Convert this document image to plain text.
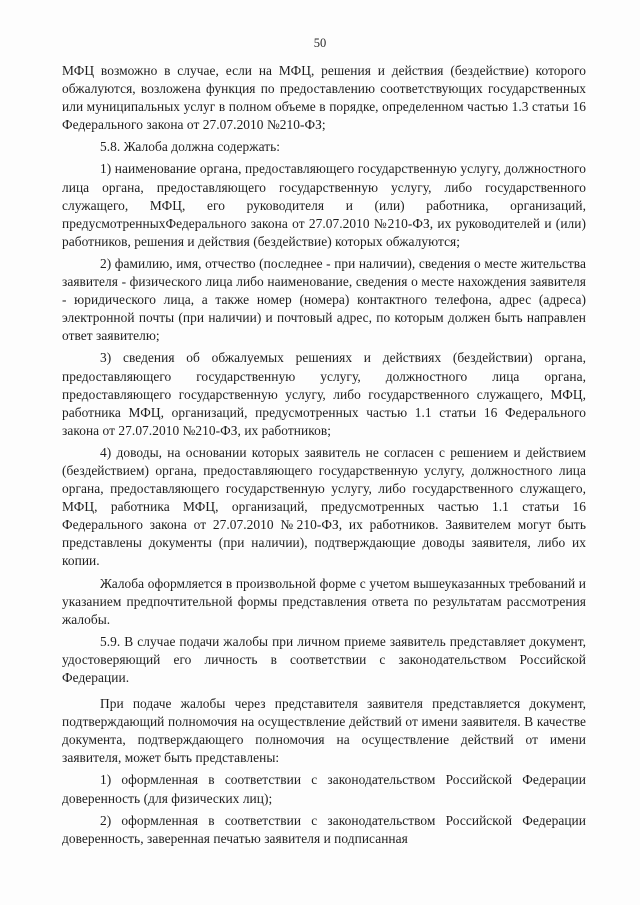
50

МФЦ возможно в случае, если на МФЦ, решения и действия (бездействие) которого обжалуются, возложена функция по предоставлению соответствующих государственных или муниципальных услуг в полном объеме в порядке, определенном частью 1.3 статьи 16 Федерального закона от 27.07.2010 №210-ФЗ;

5.8. Жалоба должна содержать:

1) наименование органа, предоставляющего государственную услугу, должностного лица органа, предоставляющего государственную услугу, либо государственного служащего, МФЦ, его руководителя и (или) работника, организаций, предусмотренныхФедерального закона от 27.07.2010 №210-ФЗ, их руководителей и (или) работников, решения и действия (бездействие) которых обжалуются;

2) фамилию, имя, отчество (последнее - при наличии), сведения о месте жительства заявителя - физического лица либо наименование, сведения о месте нахождения заявителя - юридического лица, а также номер (номера) контактного телефона, адрес (адреса) электронной почты (при наличии) и почтовый адрес, по которым должен быть направлен ответ заявителю;

3) сведения об обжалуемых решениях и действиях (бездействии) органа, предоставляющего государственную услугу, должностного лица органа, предоставляющего государственную услугу, либо государственного служащего, МФЦ, работника МФЦ, организаций, предусмотренных частью 1.1 статьи 16 Федерального закона от 27.07.2010 №210-ФЗ, их работников;

4) доводы, на основании которых заявитель не согласен с решением и действием (бездействием) органа, предоставляющего государственную услугу, должностного лица органа, предоставляющего государственную услугу, либо государственного служащего, МФЦ, работника МФЦ, организаций, предусмотренных частью 1.1 статьи 16 Федерального закона от 27.07.2010 №210-ФЗ, их работников. Заявителем могут быть представлены документы (при наличии), подтверждающие доводы заявителя, либо их копии.

Жалоба оформляется в произвольной форме с учетом вышеуказанных требований и указанием предпочтительной формы представления ответа по результатам рассмотрения жалобы.

5.9. В случае подачи жалобы при личном приеме заявитель представляет документ, удостоверяющий его личность в соответствии с законодательством Российской Федерации.

При подаче жалобы через представителя заявителя представляется документ, подтверждающий полномочия на осуществление действий от имени заявителя. В качестве документа, подтверждающего полномочия на осуществление действий от имени заявителя, может быть представлены:

1) оформленная в соответствии с законодательством Российской Федерации доверенность (для физических лиц);

2) оформленная в соответствии с законодательством Российской Федерации доверенность, заверенная печатью заявителя и подписанная
